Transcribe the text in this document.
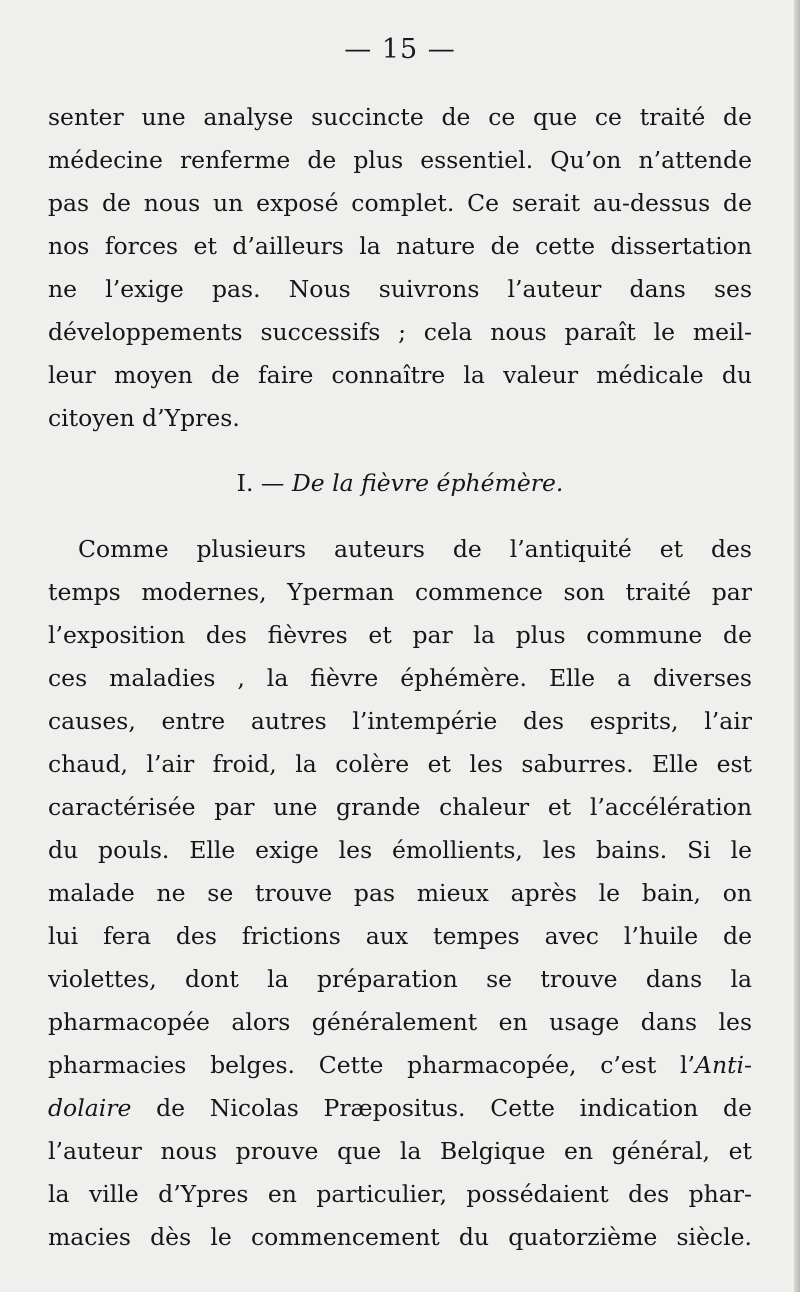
— 15 —
senter une analyse succincte de ce que ce traité de
médecine renferme de plus essentiel. Qu’on n’attende
pas de nous un exposé complet. Ce serait au-dessus de
nos forces et d’ailleurs la nature de cette dissertation
ne l’exige pas. Nous suivrons l’auteur dans ses
développements successifs ; cela nous paraît le meil-
leur moyen de faire connaître la valeur médicale du
citoyen d’Ypres.
I. — De la fièvre éphémère.
Comme plusieurs auteurs de l’antiquité et des
temps modernes, Yperman commence son traité par
l’exposition des fièvres et par la plus commune de
ces maladies , la fièvre éphémère. Elle a diverses
causes, entre autres l’intempérie des esprits, l’air
chaud, l’air froid, la colère et les saburres. Elle est
caractérisée par une grande chaleur et l’accélération
du pouls. Elle exige les émollients, les bains. Si le
malade ne se trouve pas mieux après le bain, on
lui fera des frictions aux tempes avec l’huile de
violettes, dont la préparation se trouve dans la
pharmacopée alors généralement en usage dans les
pharmacies belges. Cette pharmacopée, c’est l’Anti-
dolaire de Nicolas Præpositus. Cette indication de
l’auteur nous prouve que la Belgique en général, et
la ville d’Ypres en particulier, possédaient des phar-
macies dès le commencement du quatorzième siècle.
